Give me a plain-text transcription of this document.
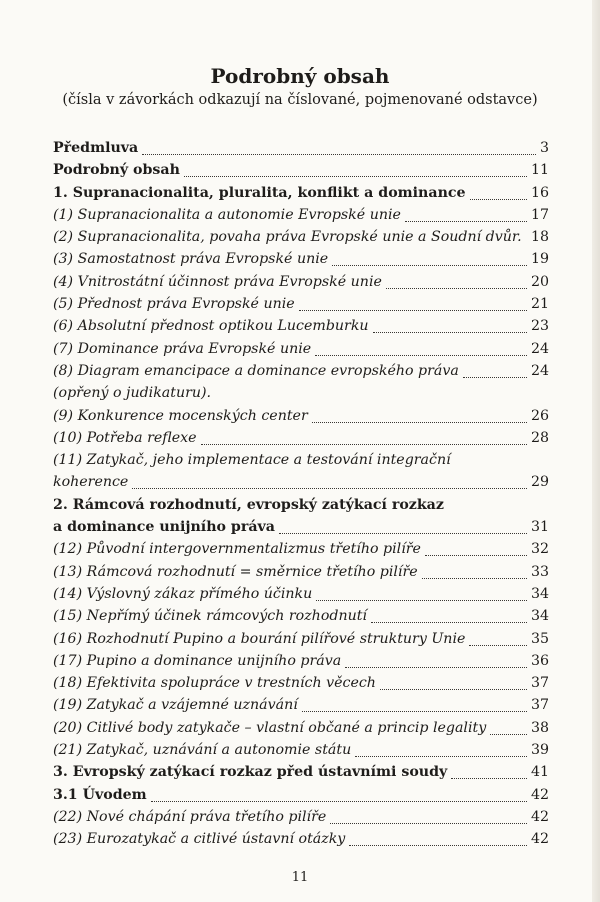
Podrobný obsah
(čísla v závorkách odkazují na číslované, pojmenované odstavce)
Předmluva	3
Podrobný obsah	11
1. Supranacionalita, pluralita, konflikt a dominance	16
(1) Supranacionalita a autonomie Evropské unie	17
(2) Supranacionalita, povaha práva Evropské unie a Soudní dvůr. 18
(3) Samostatnost práva Evropské unie	19
(4) Vnitrostátní účinnost práva Evropské unie	20
(5) Přednost práva Evropské unie	21
(6) Absolutní přednost optikou Lucemburku	23
(7) Dominance práva Evropské unie	24
(8) Diagram emancipace a dominance evropského práva	24
(opřený o judikaturu).
(9) Konkurence mocenských center	26
(10) Potřeba reflexe	28
(11) Zatykač, jeho implementace a testování integrační
koherence	29
2. Rámcová rozhodnutí, evropský zatýkací rozkaz
a dominance unijního práva	31
(12) Původní intergovernmentalizmus třetího pilíře	32
(13) Rámcová rozhodnutí = směrnice třetího pilíře	33
(14) Výslovný zákaz přímého účinku	34
(15) Nepřímý účinek rámcových rozhodnutí	34
(16) Rozhodnutí Pupino a bourání pilířové struktury Unie	35
(17) Pupino a dominance unijního práva	36
(18) Efektivita spolupráce v trestních věcech	37
(19) Zatykač a vzájemné uznávání	37
(20) Citlivé body zatykače – vlastní občané a princip legality	38
(21) Zatykač, uznávání a autonomie státu	39
3. Evropský zatýkací rozkaz před ústavními soudy	41
3.1 Úvodem	42
(22) Nové chápání práva třetího pilíře	42
(23) Eurozatykač a citlivé ústavní otázky	42
11
